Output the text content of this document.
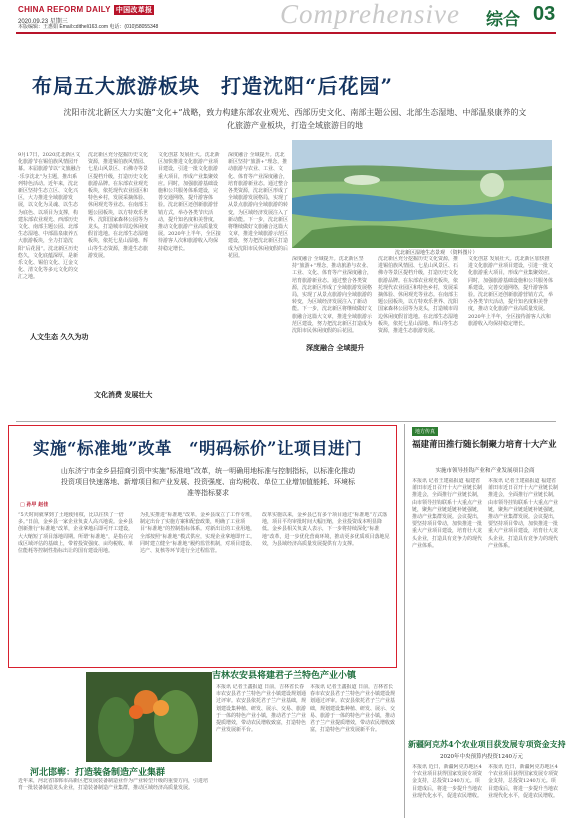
CHINA REFORM DAILY 中国改革报
2020.09.23 星期三
本版编辑：王惠娟 Email:cditheli163.com 电话：(010)58055348	Comprehensive 综合 03
布局五大旅游板块　打造沈阳“后花园”
沈阳市沈北新区大力实施“文化+”战略，致力构建东部农业观光、西部历史文化、南部主题公园、北部生态湿地、中部温泉康养的文化旅游产业板块，打造全域旅游目的地
9月17日，2020沈北新区文化旅游节在锡伯族风情园开幕。本届旅游节以“文旅融合·乐享沈北”为主题，推出系列特色活动。近年来，沈北新区坚持生态立区、文化兴区，大力推进全域旅游发展，以文化为灵魂、以生态为底色、以项目为支撑，构建东部农业观光、西部历史文化、南部主题公园、北部生态湿地、中部温泉康养五大旅游板块，全力打造沈阳“后花园”。沈北新区历史悠久，文化底蕴深厚，是新乐文化、锡伯文化、辽金文化、清文化等多元文化的交汇之地。
沈北新区充分挖掘历史文化资源，推进锡伯族风情园、七星山风景区、石佛寺等景区提档升级，打造历史文化旅游品牌。在东部农业观光板块，依托现代农业园区和特色乡村，发展采摘体验、休闲观光等业态。在南部主题公园板块，以方特欢乐世界、沈阳国家森林公园等为龙头，打造城市周边休闲度假首选地。在北部生态湿地板块，依托七星山湿地、辉山等生态资源，推进生态旅游发展。
文化创意 发展壮大。沈北新区加快推进文化旅游产业项目建设，引进一批文化旅游重大项目，形成产业集聚效应。同时，加强旅游基础设施和公共服务体系建设，完善交通网络，提升游客体验。沈北新区还创新旅游营销方式，举办各类节庆活动，提升知名度和美誉度，推动文化旅游产业高质量发展。2020年上半年，全区接待游客人次和旅游收入均保持稳定增长。
深度融合 全域提升。沈北新区坚持“旅游+”理念，推动旅游与农业、工业、文化、体育等产业深度融合，培育旅游新业态。通过整合各类资源，沈北新区形成了全域旅游发展格局，实现了从景点旅游向全域旅游的转变，为区域经济发展注入了新动能。下一步，沈北新区将继续做好文旅融合这篇大文章，推进全域旅游示范区建设，努力把沈北新区打造成为沈阳市民休闲度假的后花园。
深度融合 全域提升。沈北新区坚持“旅游+”理念，推动旅游与农业、工业、文化、体育等产业深度融合，培育旅游新业态。通过整合各类资源，沈北新区形成了全域旅游发展格局，实现了从景点旅游向全域旅游的转变，为区域经济发展注入了新动能。下一步，沈北新区将继续做好文旅融合这篇大文章，推进全域旅游示范区建设，努力把沈北新区打造成为沈阳市民休闲度假的后花园。
沈北新区充分挖掘历史文化资源，推进锡伯族风情园、七星山风景区、石佛寺等景区提档升级，打造历史文化旅游品牌。在东部农业观光板块，依托现代农业园区和特色乡村，发展采摘体验、休闲观光等业态。在南部主题公园板块，以方特欢乐世界、沈阳国家森林公园等为龙头，打造城市周边休闲度假首选地。在北部生态湿地板块，依托七星山湿地、辉山等生态资源，推进生态旅游发展。
文化创意 发展壮大。沈北新区加快推进文化旅游产业项目建设，引进一批文化旅游重大项目，形成产业集聚效应。同时，加强旅游基础设施和公共服务体系建设，完善交通网络，提升游客体验。沈北新区还创新旅游营销方式，举办各类节庆活动，提升知名度和美誉度，推动文化旅游产业高质量发展。2020年上半年，全区接待游客人次和旅游收入均保持稳定增长。
人文生态 久久为功
深度融合 全域提升
文化消费 发展壮大
沈北新区湿地生态景观　（资料图片）
实施“标准地”改革　“明码标价”让项目进门
山东济宁市金乡县招商引资中实施“标准地”改革，统一明确用地标准与控制指标，以标准化推动投资项目快速落地、新增项目和产业发展、投资强度、亩均税收、单位工业增加值能耗、环境标准等指标要求
□ 孙甲 赵佳
“5天时间就拿到了土地使用权，比以往快了一倍多。”日前，金乡县一家企业负责人高兴地说。金乡县创新推行“标准地”改革，企业拿地后即可开工建设，大大缩短了项目落地周期。所谓“标准地”，是指在完成区域评估的基础上，带着投资强度、亩均税收、单位能耗等控制性指标出让的国有建设用地。
为扎实推进“标准地”改革，金乡县成立了工作专班，制定出台了实施方案和配套政策，明确了工业项目“标准地”的控制指标体系。对新出让的工业用地，全部按照“标准地”模式供应，实现企业拿地即开工。同时建立健全“标准地”履约监管机制，对项目建设、达产、复核等环节进行全过程监管。
改革实施以来，金乡县已有多个项目通过“标准地”方式落地，项目平均审批时间大幅压缩，企业投资成本明显降低。金乡县相关负责人表示，下一步将持续深化“标准地”改革，进一步优化营商环境，推动更多优质项目落地见效，为县域经济高质量发展提供有力支撑。
地方传真
福建莆田推行随长制聚力培育十大产业
实施市领导挂钩产业和产业发展项目会商
本报讯 记者王建福报道 福建省莆田市近日召开十大产业链长制推进会，全面推行产业链长制，由市领导挂钩联系十大重点产业链，聚焦产业链延链补链强链，推动产业集群发展。会议提出，要坚持项目带动，加快推进一批重大产业项目建设，培育壮大龙头企业，打造具有竞争力的现代产业体系。
本报讯 记者王建福报道 福建省莆田市近日召开十大产业链长制推进会，全面推行产业链长制，由市领导挂钩联系十大重点产业链，聚焦产业链延链补链强链，推动产业集群发展。会议提出，要坚持项目带动，加快推进一批重大产业项目建设，培育壮大龙头企业，打造具有竞争力的现代产业体系。
吉林农安县将建君子兰特色产业小镇
本报讯 记者王鑫报道 日前，吉林省长春市农安县君子兰特色产业小镇建设规划通过评审。农安县依托君子兰产业基础，规划建设集种植、研发、展示、交易、旅游于一体的特色产业小镇，推动君子兰产业提质增效，带动农民增收致富，打造特色产业发展新平台。
本报讯 记者王鑫报道 日前，吉林省长春市农安县君子兰特色产业小镇建设规划通过评审。农安县依托君子兰产业基础，规划建设集种植、研发、展示、交易、旅游于一体的特色产业小镇，推动君子兰产业提质增效，带动农民增收致富，打造特色产业发展新平台。
河北邯郸：打造装备制造产业集群
近年来，河北省邯郸市高新区把发展装备制造业作为产业转型升级的重要方向，引进培育一批装备制造龙头企业，打造装备制造产业集群，推动区域经济高质量发展。
新疆阿克苏4个农业项目获发展专项资金支持
2020年中央预算内投资1240万元
本报讯 近日，新疆阿克苏地区4个农业项目获得国家发展专项资金支持，总投资1240万元。项目建成后，将进一步提升当地农业现代化水平，促进农民增收。
本报讯 近日，新疆阿克苏地区4个农业项目获得国家发展专项资金支持，总投资1240万元。项目建成后，将进一步提升当地农业现代化水平，促进农民增收。
